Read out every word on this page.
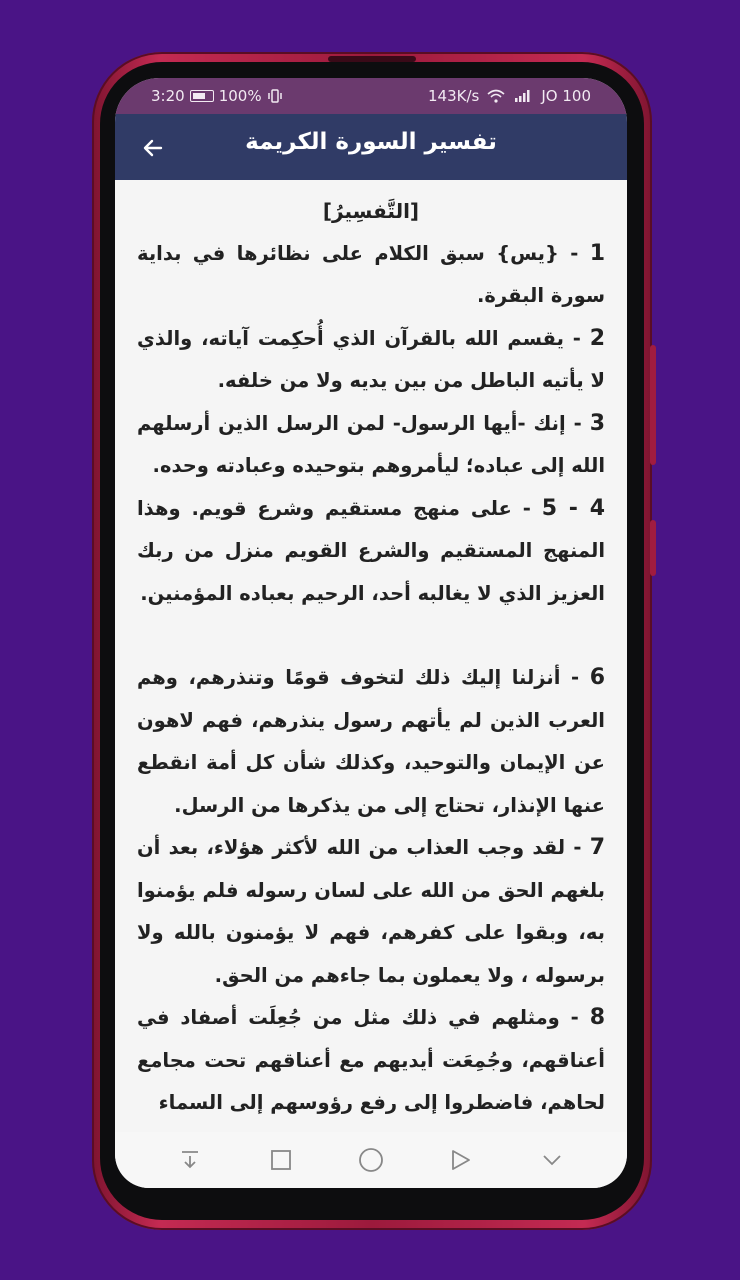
3:20 100%	143K/s	JO 100
تفسير السورة الكريمة
[التَّفسِيرُ]

1 - {يس} سبق الكلام على نظائرها في بداية سورة البقرة.

2 - يقسم الله بالقرآن الذي أُحكِمت آياته، والذي لا يأتيه الباطل من بين يديه ولا من خلفه.

3 - إنك -أيها الرسول- لمن الرسل الذين أرسلهم الله إلى عباده؛ ليأمروهم بتوحيده وعبادته وحده.

4 - 5 - على منهج مستقيم وشرع قويم. وهذا المنهج المستقيم والشرع القويم منزل من ربك العزيز الذي لا يغالبه أحد، الرحيم بعباده المؤمنين.

6 - أنزلنا إليك ذلك لتخوف قومًا وتنذرهم، وهم العرب الذين لم يأتهم رسول ينذرهم، فهم لاهون عن الإيمان والتوحيد، وكذلك شأن كل أمة انقطع عنها الإنذار، تحتاج إلى من يذكرها من الرسل.

7 - لقد وجب العذاب من الله لأكثر هؤلاء، بعد أن بلغهم الحق من الله على لسان رسوله فلم يؤمنوا به، وبقوا على كفرهم، فهم لا يؤمنون بالله ولا برسوله ، ولا يعملون بما جاءهم من الحق.

8 - ومثلهم في ذلك مثل من جُعِلَت أصفاد في أعناقهم، وجُمِعَت أيديهم مع أعناقهم تحت مجامع لحاهم، فاضطروا إلى رفع رؤوسهم إلى السماء
